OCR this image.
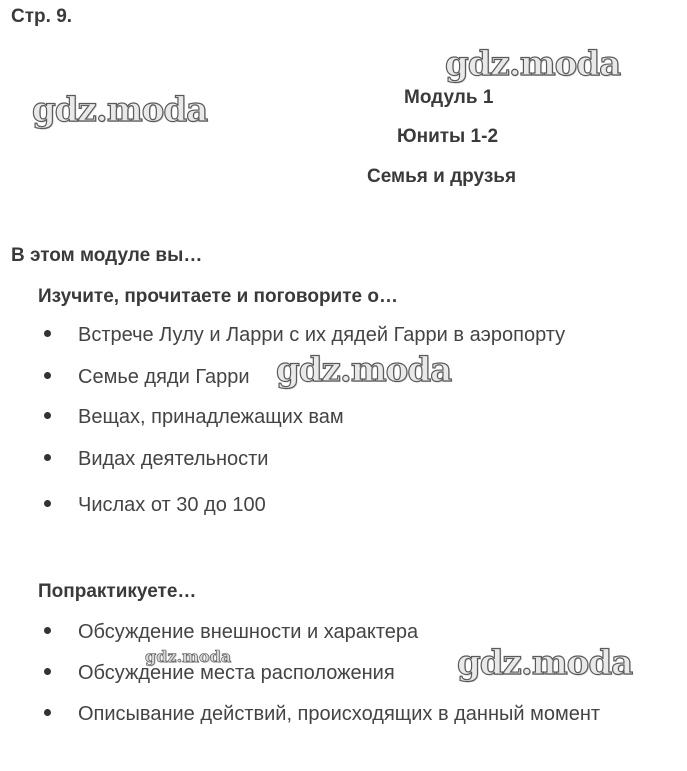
Стр. 9.
Модуль 1
Юниты 1-2
Семья и друзья
В этом модуле вы…
Изучите, прочитаете и поговорите о…
Встрече Лулу и Ларри с их дядей Гарри в аэропорту
Семье дяди Гарри
Вещах, принадлежащих вам
Видах деятельности
Числах от 30 до 100
Попрактикуете…
Обсуждение внешности и характера
Обсуждение места расположения
Описывание действий, происходящих в данный момент
gdz.moda
gdz.moda
gdz.moda
gdz.moda	gdz.moda
